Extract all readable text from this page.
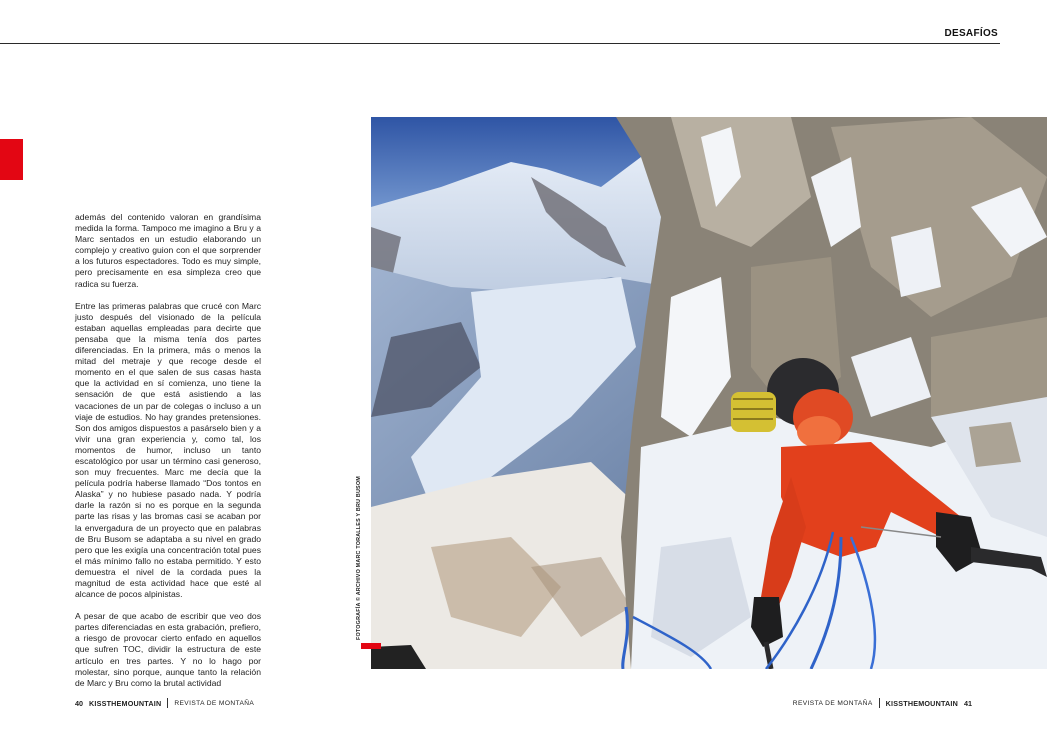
DESAFÍOS

además del contenido valoran en grandísima medida la forma. Tampoco me imagino a Bru y a Marc sentados en un estudio elaborando un complejo y creativo guion con el que sorprender a los futuros espectadores. Todo es muy simple, pero precisamente en esa simpleza creo que radica su fuerza.

Entre las primeras palabras que crucé con Marc justo después del visionado de la película estaban aquellas empleadas para decirte que pensaba que la misma tenía dos partes diferenciadas. En la primera, más o menos la mitad del metraje y que recoge desde el momento en el que salen de sus casas hasta que la actividad en sí comienza, uno tiene la sensación de que está asistiendo a las vacaciones de un par de colegas o incluso a un viaje de estudios. No hay grandes pretensiones. Son dos amigos dispuestos a pasárselo bien y a vivir una gran experiencia y, como tal, los momentos de humor, incluso un tanto escatológico por usar un término casi generoso, son muy frecuentes. Marc me decía que la película podría haberse llamado “Dos tontos en Alaska” y no hubiese pasado nada. Y podría darle la razón si no es porque en la segunda parte las risas y las bromas casi se acaban por la envergadura de un proyecto que en palabras de Bru Busom se adaptaba a su nivel en grado pero que les exigía una concentración total pues el más mínimo fallo no estaba permitido. Y esto demuestra el nivel de la cordada pues la magnitud de esta actividad hace que esté al alcance de pocos alpinistas.

A pesar de que acabo de escribir que veo dos partes diferenciadas en esta grabación, prefiero, a riesgo de provocar cierto enfado en aquellos que sufren TOC, dividir la estructura de este artículo en tres partes. Y no lo hago por molestar, sino porque, aunque tanto la relación de Marc y Bru como la brutal actividad

FOTOGRAFÍA © ARCHIVO MARC TORALLES Y BRU BUSOM
40 KISSTHEMOUNTAIN REVISTA DE MONTAÑA	REVISTA DE MONTAÑA KISSTHEMOUNTAIN 41
